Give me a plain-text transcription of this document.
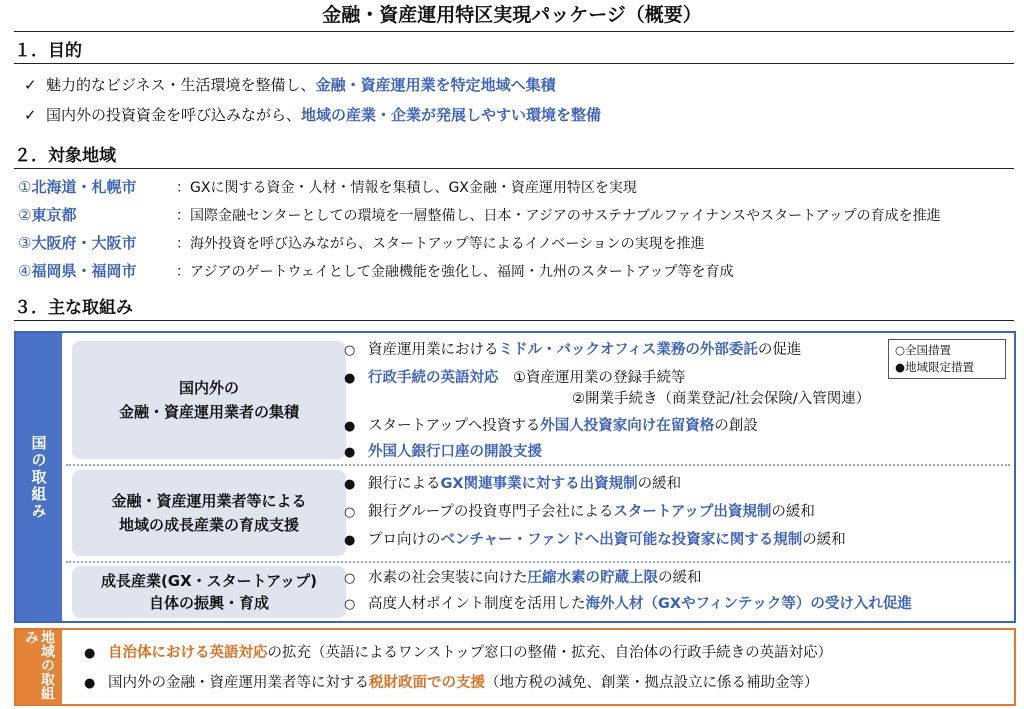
金融・資産運用特区実現パッケージ（概要）
１．目的
✓ 魅力的なビジネス・生活環境を整備し、金融・資産運用業を特定地域へ集積
✓ 国内外の投資資金を呼び込みながら、地域の産業・企業が発展しやすい環境を整備
２．対象地域
①北海道・札幌市	：GXに関する資金・人材・情報を集積し、GX金融・資産運用特区を実現
②東京都	：国際金融センターとしての環境を一層整備し、日本・アジアのサステナブルファイナンスやスタートアップの育成を推進
③大阪府・大阪市	：海外投資を呼び込みながら、スタートアップ等によるイノベーションの実現を推進
④福岡県・福岡市	：アジアのゲートウェイとして金融機能を強化し、福岡・九州のスタートアップ等を育成
３．主な取組み
国の取組み
○全国措置
●地域限定措置
国内外の
金融・資産運用業者の集積
金融・資産運用業者等による
地域の成長産業の育成支援
成長産業(GX・スタートアップ)
自体の振興・育成
○ 資産運用業におけるミドル・バックオフィス業務の外部委託の促進
● 行政手続の英語対応　①資産運用業の登録手続等
②開業手続き（商業登記/社会保険/入管関連）
● スタートアップへ投資する外国人投資家向け在留資格の創設
● 外国人銀行口座の開設支援
● 銀行によるGX関連事業に対する出資規制の緩和
○ 銀行グループの投資専門子会社によるスタートアップ出資規制の緩和
● プロ向けのベンチャー・ファンドへ出資可能な投資家に関する規制の緩和
○ 水素の社会実装に向けた圧縮水素の貯蔵上限の緩和
○ 高度人材ポイント制度を活用した海外人材（GXやフィンテック等）の受け入れ促進
地域の取組み
● 自治体における英語対応の拡充（英語によるワンストップ窓口の整備・拡充、自治体の行政手続きの英語対応）
● 国内外の金融・資産運用業者等に対する税財政面での支援（地方税の減免、創業・拠点設立に係る補助金等）
